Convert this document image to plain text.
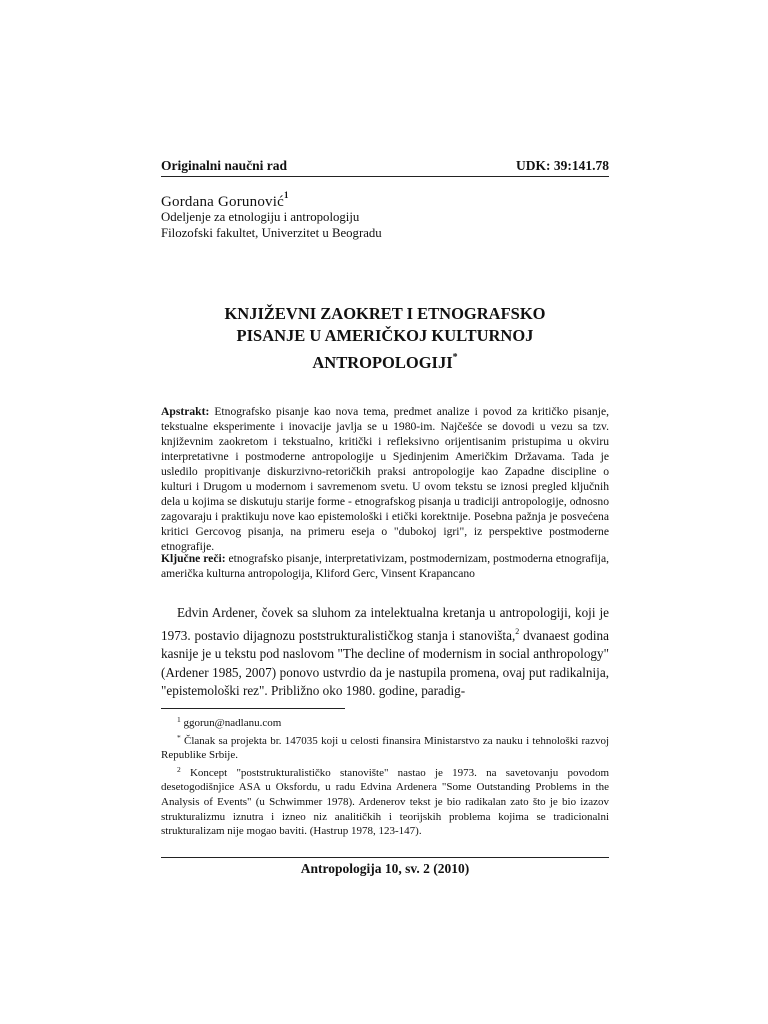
Originalni naučni rad	UDK: 39:141.78
Gordana Gorunović$^1$
Odeljenje za etnologiju i antropologiju
Filozofski fakultet, Univerzitet u Beogradu
KNJIŽEVNI ZAOKRET I ETNOGRAFSKO
PISANJE U AMERIČKOJ KULTURNOJ
ANTROPOLOGIJI*
Apstrakt: Etnografsko pisanje kao nova tema, predmet analize i povod za kritičko pisanje, tekstualne eksperimente i inovacije javlja se u 1980-im. Najčešće se dovodi u vezu sa tzv. književnim zaokretom i tekstualno, kritički i refleksivno orijentisanim pristupima u okviru interpretativne i postmoderne antropologije u Sjedinjenim Američkim Državama. Tada je usledilo propitivanje diskurzivno-retoričkih praksi antropologije kao Zapadne discipline o kulturi i Drugom u modernom i savremenom svetu. U ovom tekstu se iznosi pregled ključnih dela u kojima se diskutuju starije forme - etnografskog pisanja u tradiciji antropologije, odnosno zagovaraju i praktikuju nove kao epistemološki i etički korektnije. Posebna pažnja je posvećena kritici Gercovog pisanja, na primeru eseja o "dubokoj igri", iz perspektive postmoderne etnografije.
Ključne reči: etnografsko pisanje, interpretativizam, postmodernizam, postmoderna etnografija, američka kulturna antropologija, Kliford Gerc, Vinsent Krapancano

Edvin Ardener, čovek sa sluhom za intelektualna kretanja u antropologiji, koji je 1973. postavio dijagnozu poststrukturalističkog stanja i stanovišta,$^2$ dvanaest godina kasnije je u tekstu pod naslovom "The decline of modernism in social anthropology" (Ardener 1985, 2007) ponovo ustvrdio da je nastupila promena, ovaj put radikalnija, "epistemološki rez". Približno oko 1980. godine, paradig-

$^1$ ggorun@nadlanu.com

* Članak sa projekta br. 147035 koji u celosti finansira Ministarstvo za nauku i tehnološki razvoj Republike Srbije.

$^2$ Koncept "poststrukturalističko stanovište" nastao je 1973. na savetovanju povodom desetogodišnjice ASA u Oksfordu, u radu Edvina Ardenera "Some Outstanding Problems in the Analysis of Events" (u Schwimmer 1978). Ardenerov tekst je bio radikalan zato što je bio izazov strukturalizmu iznutra i izneo niz analitičkih i teorijskih problema kojima se tradicionalni strukturalizam nije mogao baviti. (Hastrup 1978, 123-147).

Antropologija 10, sv. 2 (2010)
